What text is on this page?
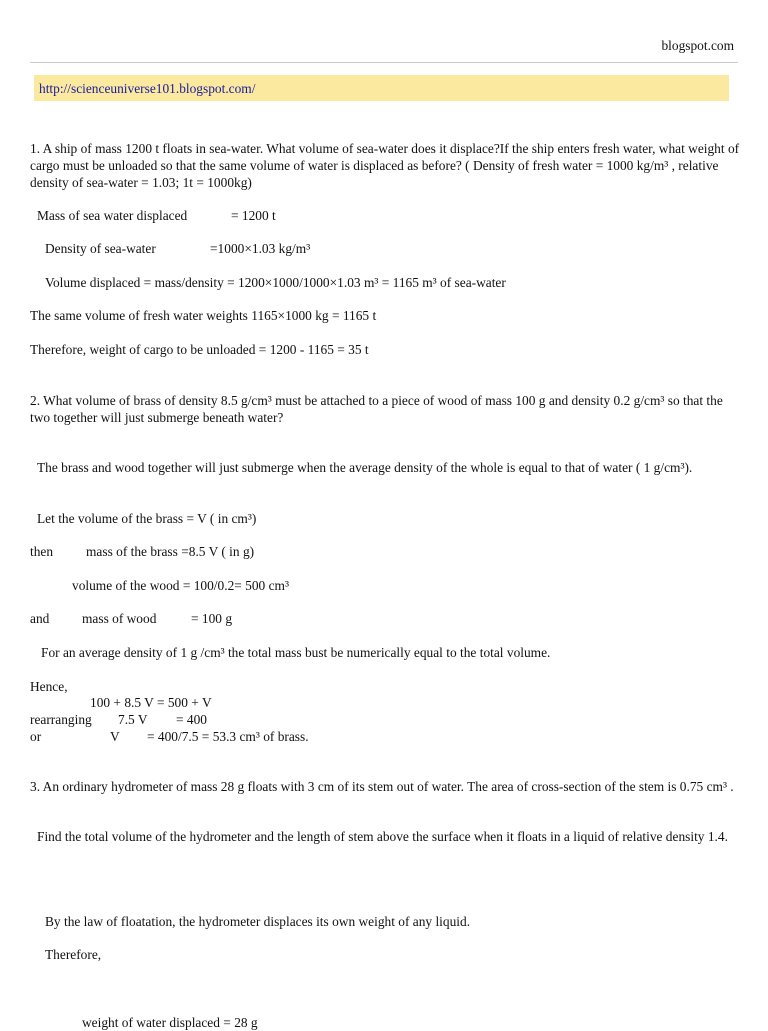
blogspot.com
http://scienceuniverse101.blogspot.com/
1. A ship of mass 1200 t floats in sea-water. What volume of sea-water does it displace?If the ship enters fresh water, what weight of cargo must be unloaded so that the same volume of water is displaced as before? ( Density of fresh water = 1000 kg/m³ , relative density of sea-water = 1.03; 1t = 1000kg)
Mass of sea water displaced	= 1200 t
Density of sea-water	=1000×1.03 kg/m³
Volume displaced = mass/density = 1200×1000/1000×1.03 m³ = 1165 m³ of sea-water
The same volume of fresh water weights 1165×1000 kg = 1165 t
Therefore, weight of cargo to be unloaded = 1200 - 1165 = 35 t
2. What volume of brass of density 8.5 g/cm³ must be attached to a piece of wood of mass 100 g and density 0.2 g/cm³ so that the two together will just submerge beneath water?
The brass and wood together will just submerge when the average density of the whole is equal to that of water ( 1 g/cm³).
Let the volume of the brass = V ( in cm³)
then mass of the brass =8.5 V ( in g)
volume of the wood = 100/0.2= 500 cm³
and mass of wood	= 100 g
For an average density of 1 g /cm³ the total mass bust be numerically equal to the total volume.
Hence,
100 + 8.5 V = 500 + V
rearranging 7.5 V = 400
or	V = 400/7.5 = 53.3 cm³ of brass.
3. An ordinary hydrometer of mass 28 g floats with 3 cm of its stem out of water. The area of cross-section of the stem is 0.75 cm³ .
Find the total volume of the hydrometer and the length of stem above the surface when it floats in a liquid of relative density 1.4.
By the law of floatation, the hydrometer displaces its own weight of any liquid.
Therefore,
weight of water displaced = 28 g
